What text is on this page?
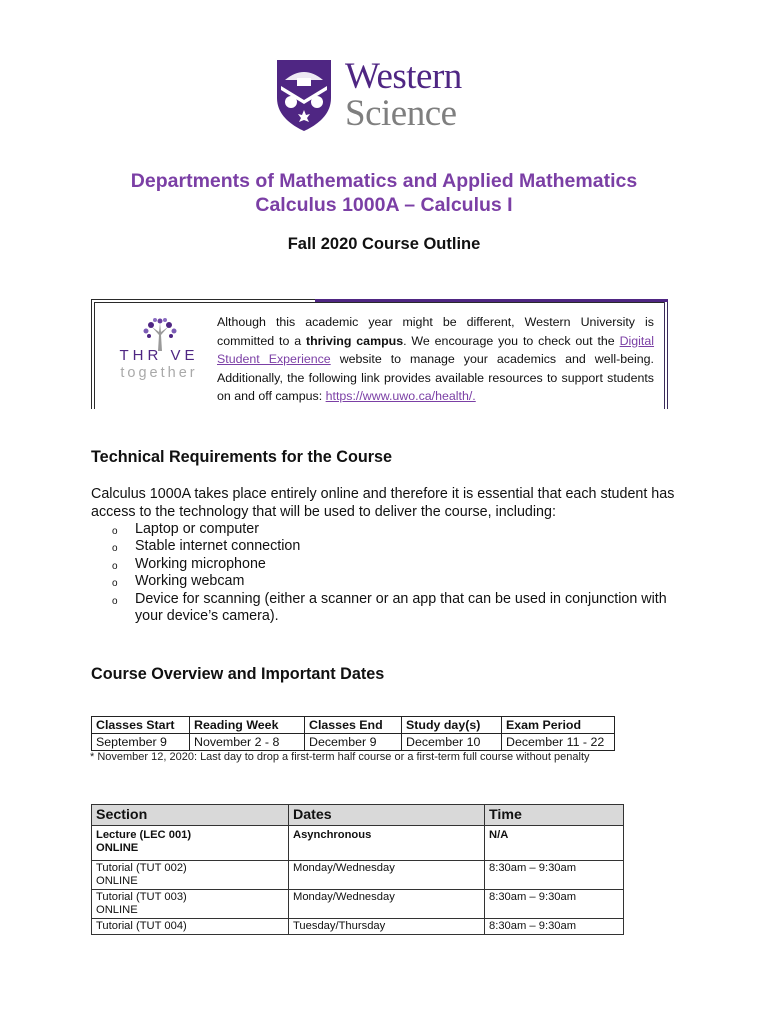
Western
Science
Departments of Mathematics and Applied Mathematics
Calculus 1000A – Calculus I
Fall 2020 Course Outline
THR VE
together
Although this academic year might be different, Western University is committed to a thriving campus. We encourage you to check out the Digital Student Experience website to manage your academics and well-being. Additionally, the following link provides available resources to support students on and off campus: https://www.uwo.ca/health/.
Technical Requirements for the Course
Calculus 1000A takes place entirely online and therefore it is essential that each student has access to the technology that will be used to deliver the course, including:
o Laptop or computer
o Stable internet connection
o Working microphone
o Working webcam
o Device for scanning (either a scanner or an app that can be used in conjunction with your device’s camera).
Course Overview and Important Dates
Classes Start	Reading Week	Classes End	Study day(s)	Exam Period
September 9	November 2 - 8	December 9	December 10	December 11 - 22
* November 12, 2020: Last day to drop a first-term half course or a first-term full course without penalty
Section	Dates	Time

Lecture (LEC 001)
ONLINE	Asynchronous	N/A

Tutorial (TUT 002)
ONLINE	Monday/Wednesday	8:30am – 9:30am

Tutorial (TUT 003)
ONLINE	Monday/Wednesday	8:30am – 9:30am
Tutorial (TUT 004)	Tuesday/Thursday	8:30am – 9:30am
